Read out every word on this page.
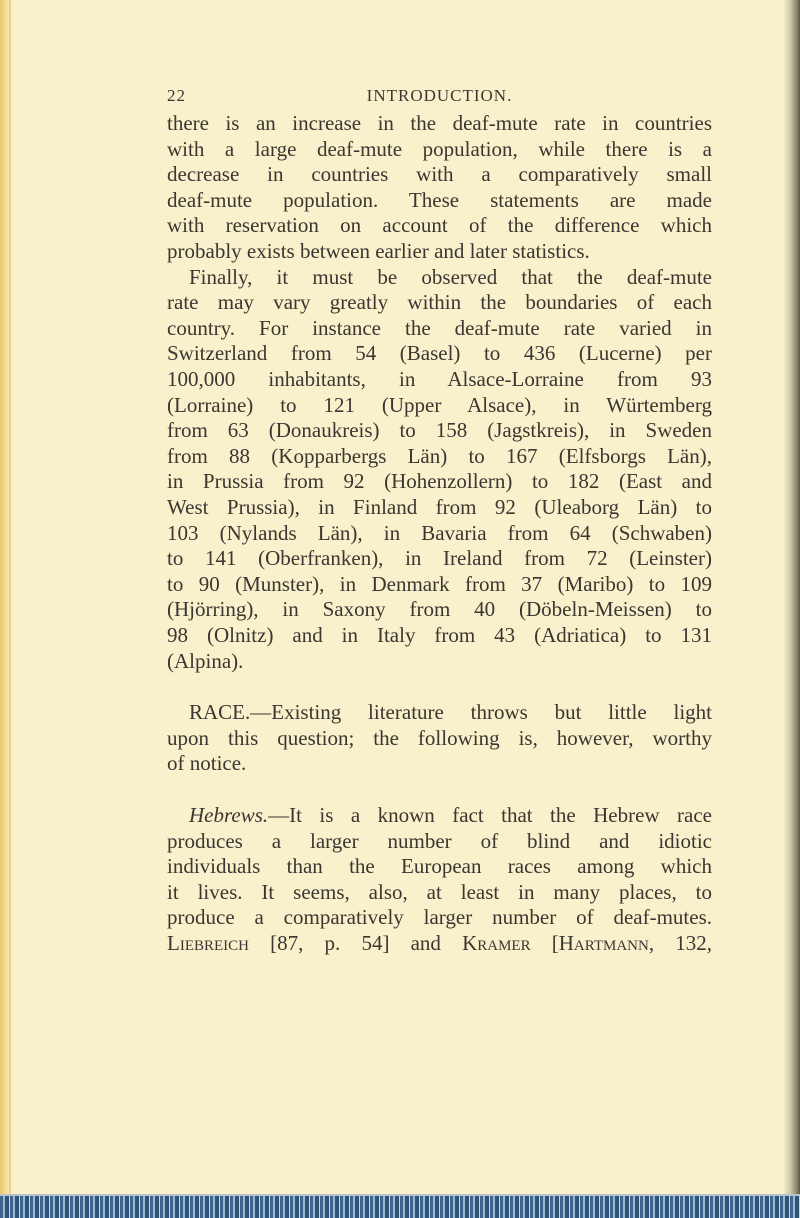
22	INTRODUCTION.
there is an increase in the deaf-mute rate in countries
with a large deaf-mute population, while there is a
decrease in countries with a comparatively small
deaf-mute population. These statements are made
with reservation on account of the difference which
probably exists between earlier and later statistics.
Finally, it must be observed that the deaf-mute
rate may vary greatly within the boundaries of each
country. For instance the deaf-mute rate varied in
Switzerland from 54 (Basel) to 436 (Lucerne) per
100,000 inhabitants, in Alsace-Lorraine from 93
(Lorraine) to 121 (Upper Alsace), in Würtemberg
from 63 (Donaukreis) to 158 (Jagstkreis), in Sweden
from 88 (Kopparbergs Län) to 167 (Elfsborgs Län),
in Prussia from 92 (Hohenzollern) to 182 (East and
West Prussia), in Finland from 92 (Uleaborg Län) to
103 (Nylands Län), in Bavaria from 64 (Schwaben)
to 141 (Oberfranken), in Ireland from 72 (Leinster)
to 90 (Munster), in Denmark from 37 (Maribo) to 109
(Hjörring), in Saxony from 40 (Döbeln-Meissen) to
98 (Olnitz) and in Italy from 43 (Adriatica) to 131
(Alpina).
RACE.—Existing literature throws but little light
upon this question; the following is, however, worthy
of notice.
Hebrews.—It is a known fact that the Hebrew race
produces a larger number of blind and idiotic
individuals than the European races among which
it lives. It seems, also, at least in many places, to
produce a comparatively larger number of deaf-mutes.
Liebreich [87, p. 54] and Kramer [Hartmann, 132,
